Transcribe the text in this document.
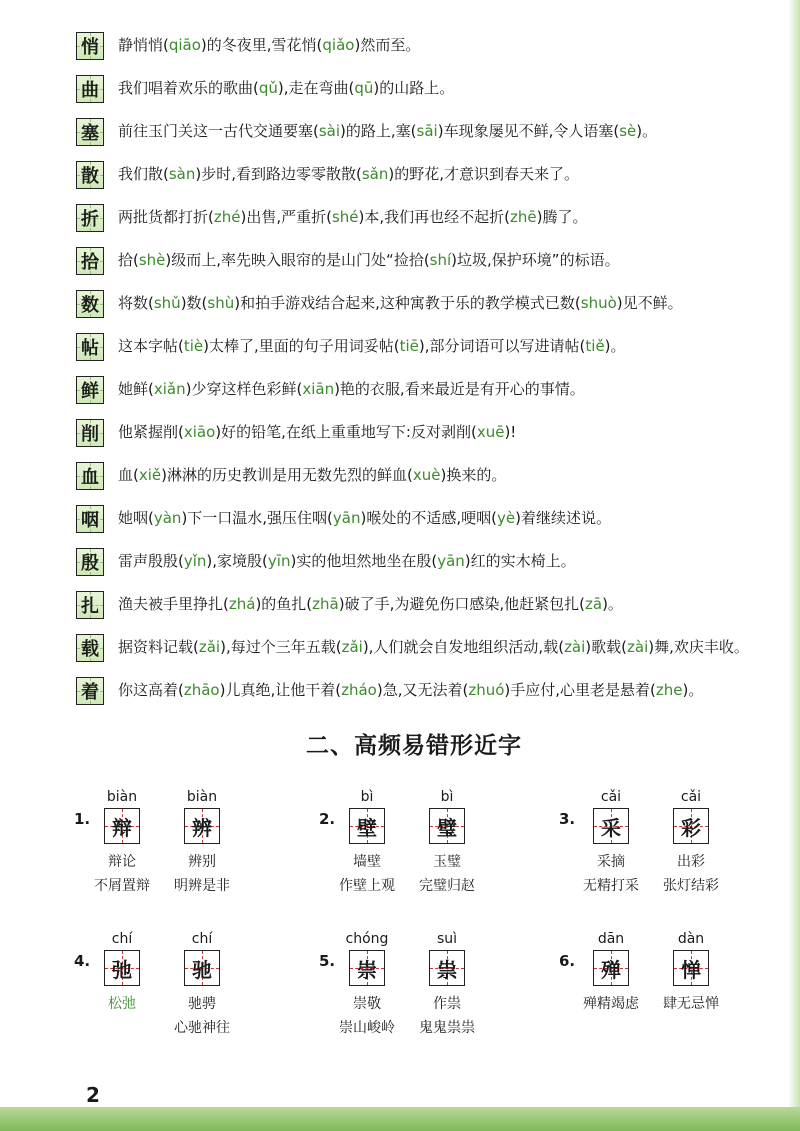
悄 静悄悄(qiāo)的冬夜里,雪花悄(qiǎo)然而至。
曲 我们唱着欢乐的歌曲(qǔ),走在弯曲(qū)的山路上。
塞 前往玉门关这一古代交通要塞(sài)的路上,塞(sāi)车现象屡见不鲜,令人语塞(sè)。
散 我们散(sàn)步时,看到路边零零散散(sǎn)的野花,才意识到春天来了。
折 两批货都打折(zhé)出售,严重折(shé)本,我们再也经不起折(zhē)腾了。
拾 拾(shè)级而上,率先映入眼帘的是山门处“捡拾(shí)垃圾,保护环境”的标语。
数 将数(shǔ)数(shù)和拍手游戏结合起来,这种寓教于乐的教学模式已数(shuò)见不鲜。
帖 这本字帖(tiè)太棒了,里面的句子用词妥帖(tiē),部分词语可以写进请帖(tiě)。
鲜 她鲜(xiǎn)少穿这样色彩鲜(xiān)艳的衣服,看来最近是有开心的事情。
削 他紧握削(xiāo)好的铅笔,在纸上重重地写下:反对剥削(xuē)!
血 血(xiě)淋淋的历史教训是用无数先烈的鲜血(xuè)换来的。
咽 她咽(yàn)下一口温水,强压住咽(yān)喉处的不适感,哽咽(yè)着继续述说。
殷 雷声殷殷(yǐn),家境殷(yīn)实的他坦然地坐在殷(yān)红的实木椅上。
扎 渔夫被手里挣扎(zhá)的鱼扎(zhā)破了手,为避免伤口感染,他赶紧包扎(zā)。
载 据资料记载(zǎi),每过个三年五载(zǎi),人们就会自发地组织活动,载(zài)歌载(zài)舞,欢庆丰收。
着 你这高着(zhāo)儿真绝,让他干着(zháo)急,又无法着(zhuó)手应付,心里老是悬着(zhe)。
二、高频易错形近字
1.
biàn
辩
辩论
不屑置辩
biàn
辨
辨别
明辨是非
2.
bì
壁
墙壁
作壁上观
bì
璧
玉璧
完璧归赵
3.
cǎi
采
采摘
无精打采
cǎi
彩
出彩
张灯结彩
4.
chí
弛
松弛
chí
驰
驰骋
心驰神往
5.
chóng
崇
崇敬
崇山峻岭
suì
祟
作祟
鬼鬼祟祟
6.
dān
殚
殚精竭虑
dàn
惮
肆无忌惮
2
